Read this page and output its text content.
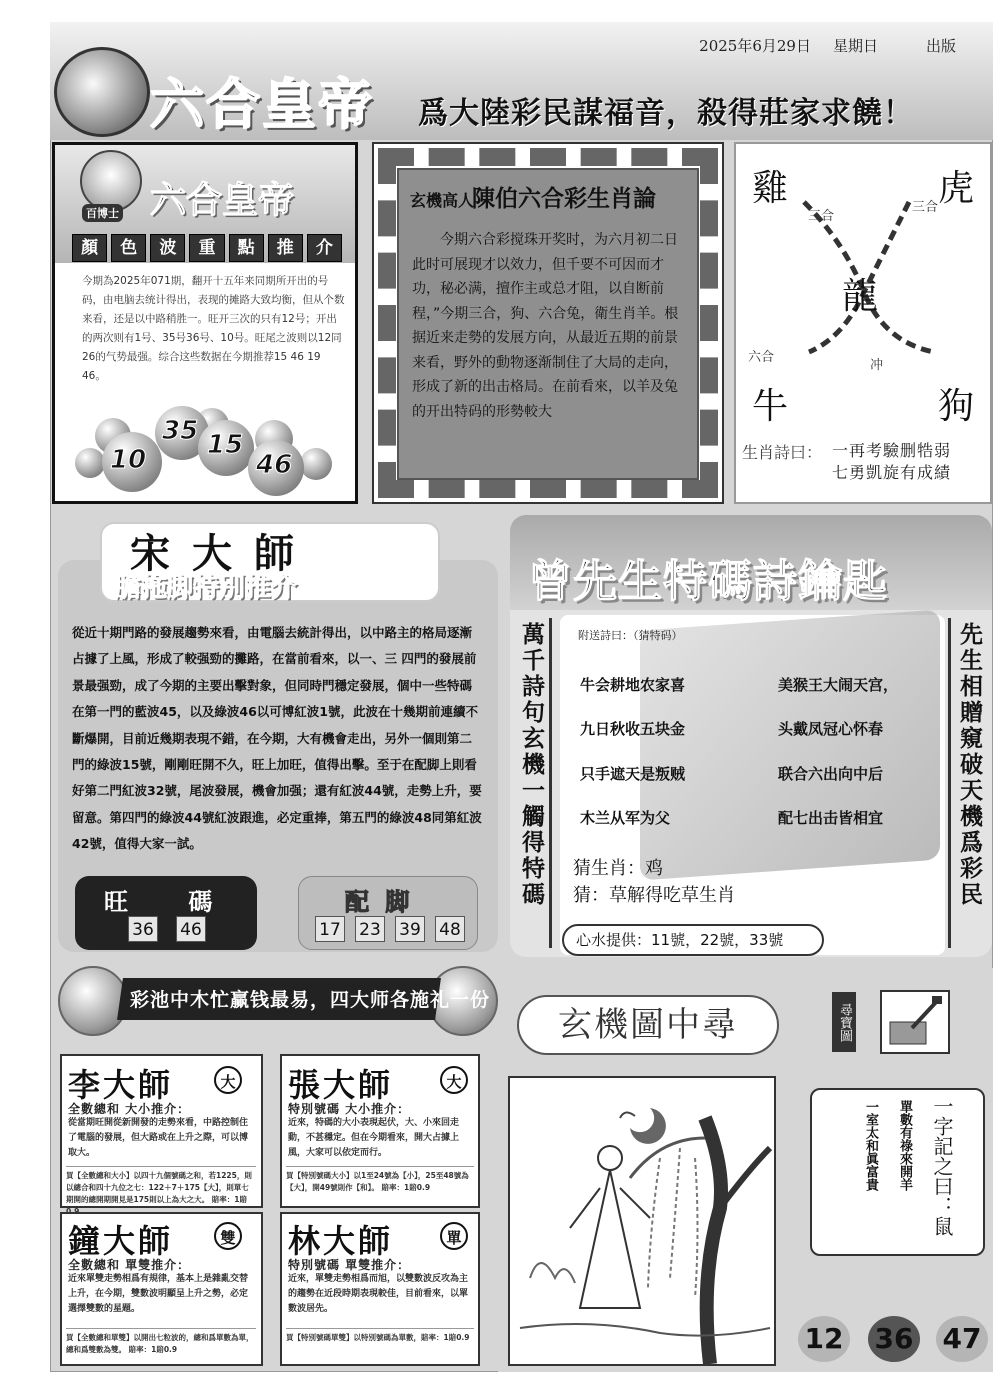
2025年6月29日 星期日	出版
六合皇帝 爲大陸彩民謀福音，殺得莊家求饒！
百博士 六合皇帝
顏	色	波	重	點	推	介
今期為2025年071期，翻开十五年来同期所开出的号码，由电脑去统计得出，表现的摊路大致均衡，但从个数来看，还是以中路稍胜一。旺开三次的只有12号；开出的两次则有1号、35号36号、10号。旺尾之波则以12同26的气势最强。综合这些数据在今期推荐15 46 19 46。
10
35 15
46
玄機高人
陳伯六合彩生肖論
今期六合彩搅珠开奖时，为六月初二日此时可展现才以效力，但千要不可因而才功，秘必满，擅作主或总才阻，以自断前程，”今期三合，狗、六合兔，衛生肖羊。根据近来走勢的发展方向，从最近五期的前景来看，野外的動物逐渐制住了大局的走向，形成了新的出击格局。在前看來，以羊及兔的开出特码的形勢較大
雞	虎
龍
牛	狗
三合
三合
六合
冲
生肖詩曰： 一再考驗删牿弱
七勇凱旋有成績
宋大師
膽拖脚特別推介
從近十期門路的發展趨勢來看，由電腦去統計得出，以中路主的格局逐漸占據了上風，形成了較强勁的攤路，在當前看來，以一、三 四門的發展前景最强勁，成了今期的主要出擊對象，但同時門穩定發展，個中一些特碼在第一門的藍波45，以及綠波46以可博紅波1號，此波在十幾期前連續不斷爆開，目前近幾期表現不錯，在今期，大有機會走出，另外一個則第二門的綠波15號，剛剛旺開不久，旺上加旺，值得出擊。至于在配脚上則看好第二門紅波32號，尾波發展，機會加强；還有紅波44號，走勢上升，要留意。第四門的綠波44號紅波跟進，必定重捧，第五門的綠波48同第紅波42號，值得大家一試。
旺 碼
36 46
配 脚
17 23 39 48
曾先生特碼詩鑰匙
萬千詩句玄機一觸得特碼	先生相贈窺破天機爲彩民
附送詩曰：（猜特码）
牛会耕地农家喜	美猴王大闹天宫，
九日秋收五块金	头戴凤冠心怀春
只手遮天是叛贼	联合六出向中后
木兰从军为父	配七出击皆相宜
猜生肖：鸡
猜：草解得吃草生肖
心水提供：11號，22號，33號
彩池中木忙赢钱最易，四大师各施礼一份
李大師	大
全數總和 大小推介：
從當期旺開從新開發的走勢來看，中路控制住了電腦的發展，但大路或在上升之際，可以博取大。
買【全數總和大小】以四十九個號碼之和，若1225，則以總合和四十九位之七：122＋7＋175【大】，則單七期開的總開期開見是175則以上為大之大。 賠率：1賠
張大師	大
特別號碼 大小推介：
近來，特碼的大小表現起伏，大、小來回走動，不甚穩定。但在今期看來，開大占據上風，大家可以依定而行。
買【特別號碼大小】以1至24號為【小】，25至48號為【大】，開49號則作【和】。 賠率：1賠0.9
鐘大師	雙
全數總和 單雙推介：
近來單雙走勢相爲有規律，基本上是雜亂交替上升，在今期，雙數波明顯呈上升之勢，必定選擇雙數的星題。
買【全數總和單雙】以開出七粒波的，總和爲單數為單，總和爲雙數為雙。 賠率：1賠0.9
林大師	單
特別號碼 單雙推介：
近來，單雙走勢相爲而旭，以雙數波反攻為主的趨勢在近段時期表現較佳，目前看來，以單數波居先。
買【特別號碼單雙】以特別號碼為單數，賠率：1賠0.9
玄機圖中尋	尋寶圖
一字記之曰：鼠
單數有祿來開羊
一室太和眞富貴
12 36 47
